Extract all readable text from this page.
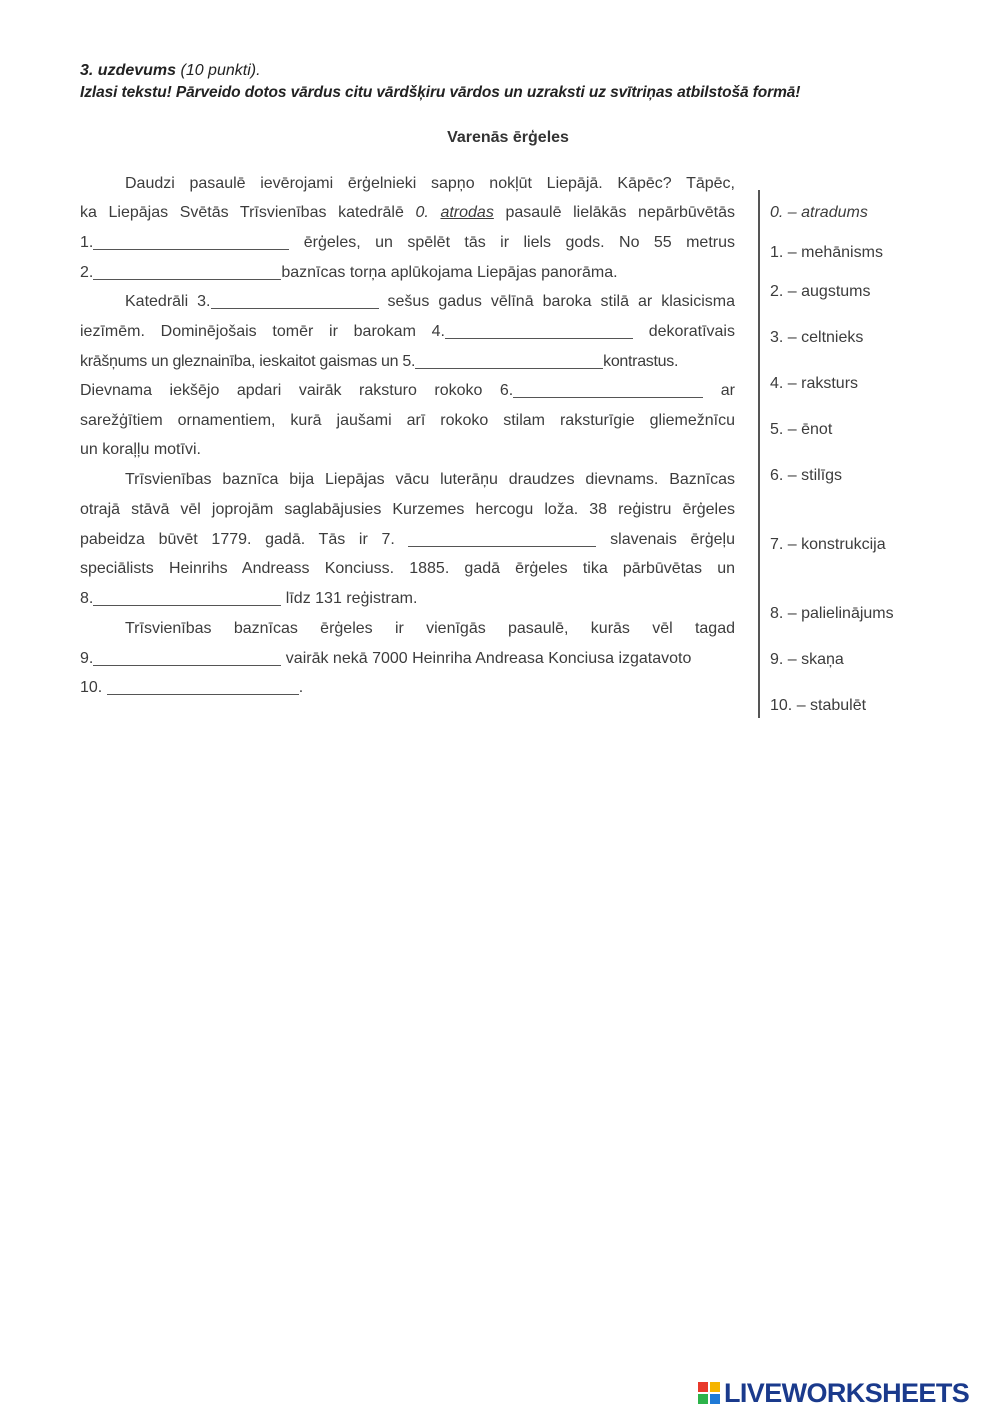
3. uzdevums (10 punkti).
Izlasi tekstu! Pārveido dotos vārdus citu vārdšķiru vārdos un uzraksti uz svītriņas atbilstošā formā!
Varenās ērģeles
Daudzi pasaulē ievērojami ērģelnieki sapņo nokļūt Liepājā. Kāpēc? Tāpēc,
ka Liepājas Svētās Trīsvienības katedrālē 0. atrodas pasaulē lielākās nepārbūvētās
1.	ērģeles, un spēlēt tās ir liels gods. No 55 metrus
2.	baznīcas torņa aplūkojama Liepājas panorāma.
Katedrāli 3.	sešus gadus vēlīnā baroka stilā ar klasicisma
iezīmēm. Dominējošais tomēr ir barokam 4.	dekoratīvais
krāšņums un gleznainība, ieskaitot gaismas un 5.	kontrastus.
Dievnama iekšējo apdari vairāk raksturo rokoko 6.	ar
sarežģītiem ornamentiem, kurā jaušami arī rokoko stilam raksturīgie gliemežnīcu
un koraļļu motīvi.
Trīsvienības baznīca bija Liepājas vācu luterāņu draudzes dievnams. Baznīcas
otrajā stāvā vēl joprojām saglabājusies Kurzemes hercogu loža. 38 reģistru ērģeles
pabeidza būvēt 1779. gadā. Tās ir 7.	slavenais ērģeļu
speciālists Heinrihs Andreass Konciuss. 1885. gadā ērģeles tika pārbūvētas un
8.	līdz 131 reģistram.
Trīsvienības baznīcas ērģeles ir vienīgās pasaulē, kurās vēl tagad
9.	vairāk nekā 7000 Heinriha Andreasa Konciusa izgatavoto
10.	.
0. – atradums
1. – mehānisms
2. – augstums
3. – celtnieks
4. – raksturs
5. – ēnot
6. – stilīgs
7. – konstrukcija
8. – palielinājums
9. – skaņa
10. – stabulēt
LIVEWORKSHEETS
